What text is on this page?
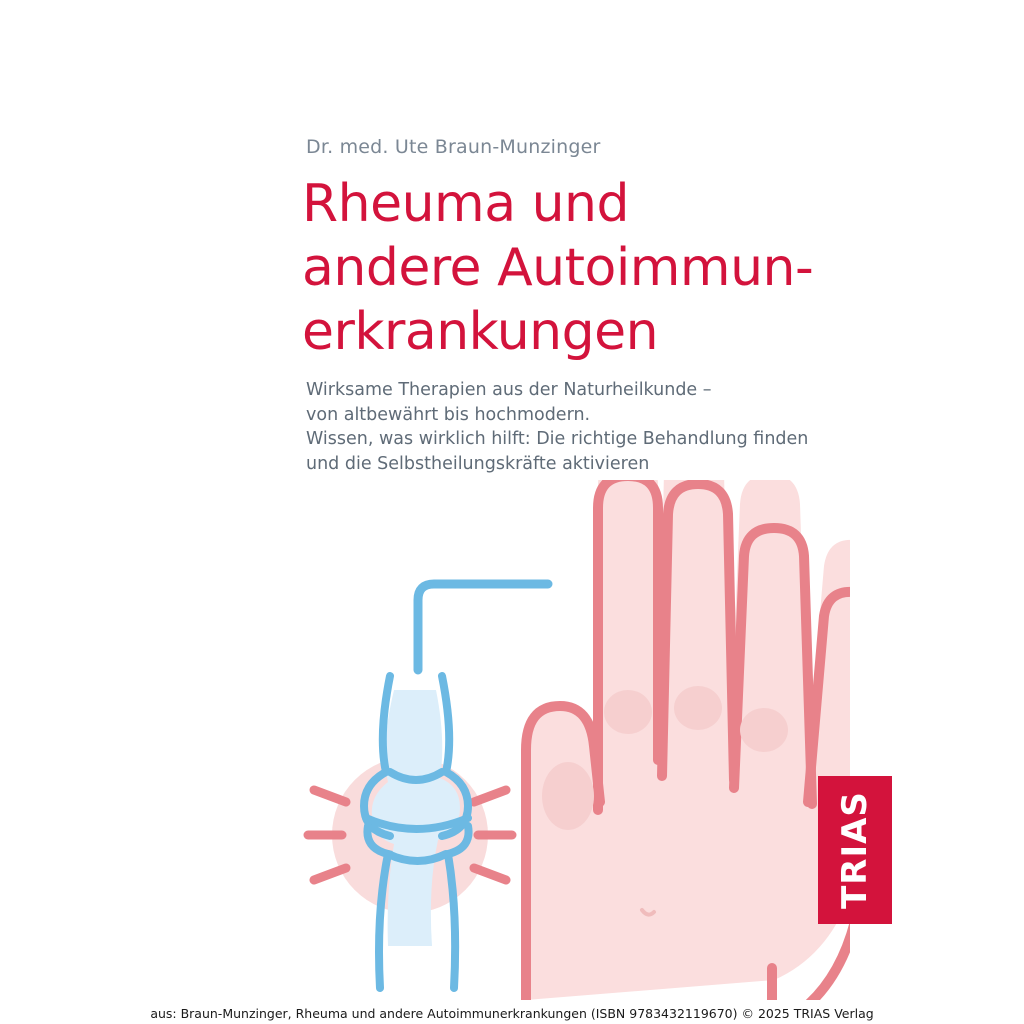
Dr. med. Ute Braun-Munzinger
Rheuma und
andere Autoimmun-
erkrankungen
Wirksame Therapien aus der Naturheilkunde –
von altbewährt bis hochmodern.
Wissen, was wirklich hilft: Die richtige Behandlung finden
und die Selbstheilungskräfte aktivieren
TRIAS
aus: Braun-Munzinger, Rheuma und andere Autoimmunerkrankungen (ISBN 9783432119670) © 2025 TRIAS Verlag
